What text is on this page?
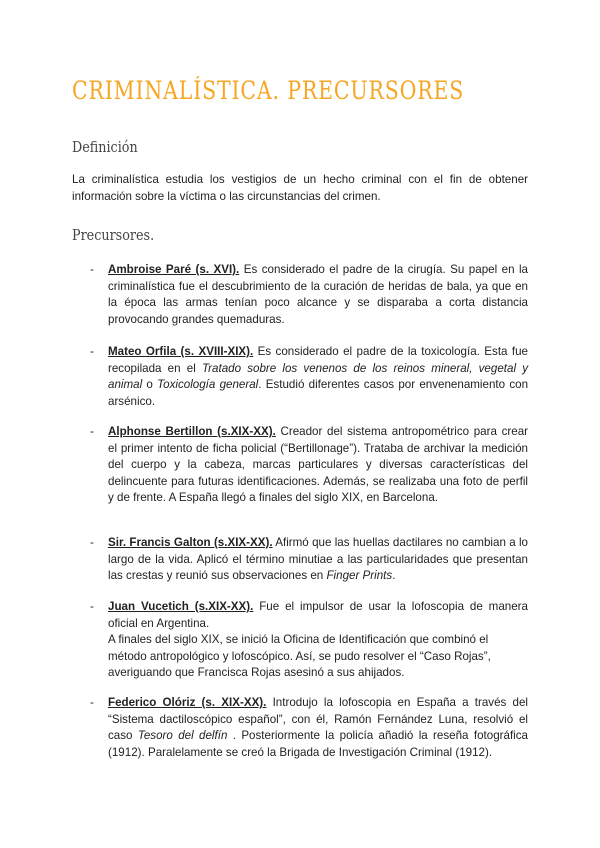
CRIMINALÍSTICA. PRECURSORES
Definición

La criminalística estudia los vestigios de un hecho criminal con el fin de obtener información sobre la víctima o las circunstancias del crimen.

Precursores.
- Ambroise Paré (s. XVI). Es considerado el padre de la cirugía. Su papel en la criminalística fue el descubrimiento de la curación de heridas de bala, ya que en la época las armas tenían poco alcance y se disparaba a corta distancia provocando grandes quemaduras.

- Mateo Orfila (s. XVIII-XIX). Es considerado el padre de la toxicología. Esta fue recopilada en el Tratado sobre los venenos de los reinos mineral, vegetal y animal o Toxicología general. Estudió diferentes casos por envenenamiento con arsénico.

- Alphonse Bertillon (s.XIX-XX). Creador del sistema antropométrico para crear el primer intento de ficha policial (“Bertillonage”). Trataba de archivar la medición del cuerpo y la cabeza, marcas particulares y diversas características del delincuente para futuras identificaciones. Además, se realizaba una foto de perfil y de frente. A España llegó a finales del siglo XIX, en Barcelona.

- Sir. Francis Galton (s.XIX-XX). Afirmó que las huellas dactilares no cambian a lo largo de la vida. Aplicó el término minutiae a las particularidades que presentan las crestas y reunió sus observaciones en Finger Prints.

- Juan Vucetich (s.XIX-XX). Fue el impulsor de usar la lofoscopia de manera oficial en Argentina.
A finales del siglo XIX, se inició la Oficina de Identificación que combinó el método antropológico y lofoscópico. Así, se pudo resolver el “Caso Rojas”, averiguando que Francisca Rojas asesinó a sus ahijados.

- Federico Olóriz (s. XIX-XX). Introdujo la lofoscopia en España a través del “Sistema dactiloscópico español”, con él, Ramón Fernández Luna, resolvió el caso Tesoro del delfín . Posteriormente la policía añadió la reseña fotográfica (1912). Paralelamente se creó la Brigada de Investigación Criminal (1912).
